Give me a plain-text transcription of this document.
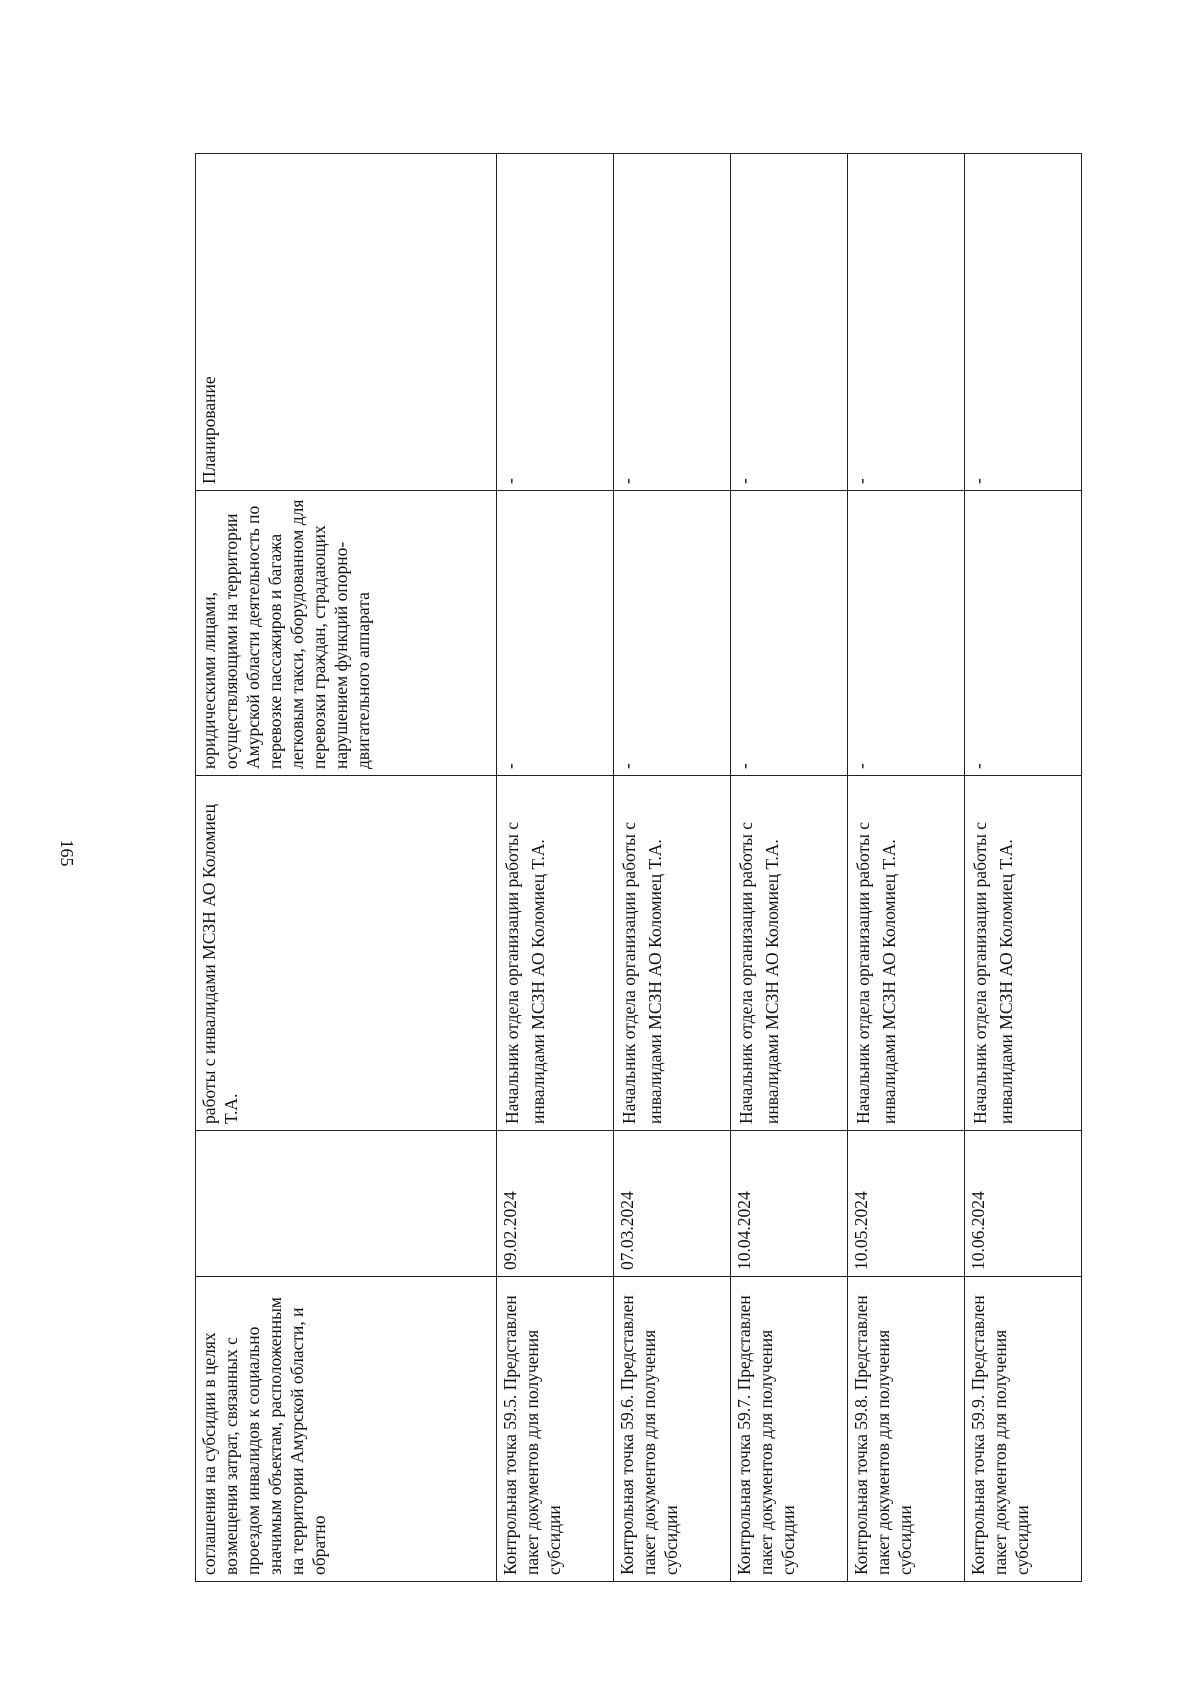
165
соглашения на субсидии в целях возмещения затрат, связанных с проездом инвалидов к социально значимым объектам, расположенным на территории Амурской области, и обратно		работы с инвалидами МСЗН АО Коломиец Т.А.	юридическими лицами, осуществляющими на территории Амурской области деятельность по перевозке пассажиров и багажа легковым такси, оборудованном для перевозки граждан, страдающих нарушением функций опорно-двигательного аппарата	Планирование
Контрольная точка 59.5. Представлен пакет документов для получения субсидии	09.02.2024	Начальник отдела организации работы с инвалидами МСЗН АО Коломиец Т.А.	-	-
Контрольная точка 59.6. Представлен пакет документов для получения субсидии	07.03.2024	Начальник отдела организации работы с инвалидами МСЗН АО Коломиец Т.А.	-	-
Контрольная точка 59.7. Представлен пакет документов для получения субсидии	10.04.2024	Начальник отдела организации работы с инвалидами МСЗН АО Коломиец Т.А.	-	-
Контрольная точка 59.8. Представлен пакет документов для получения субсидии	10.05.2024	Начальник отдела организации работы с инвалидами МСЗН АО Коломиец Т.А.	-	-
Контрольная точка 59.9. Представлен пакет документов для получения субсидии	10.06.2024	Начальник отдела организации работы с инвалидами МСЗН АО Коломиец Т.А.	-	-
